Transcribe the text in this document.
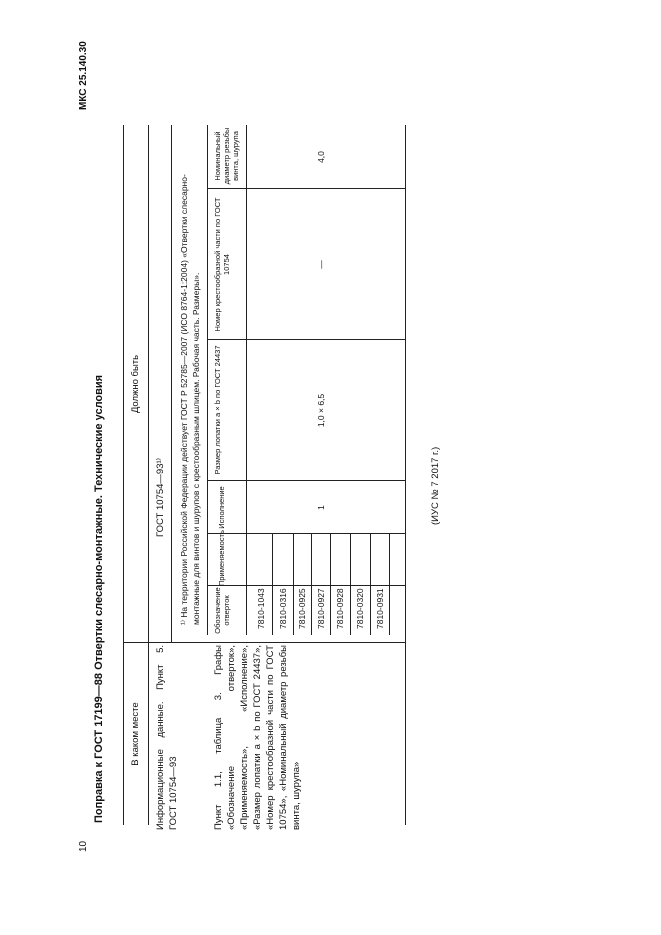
10
МКС 25.140.30
Поправка к ГОСТ 17199—88 Отвертки слесарно-монтажные. Технические условия	В каком месте
Должно быть
Информационные данные. Пункт 5. ГОСТ 10754—93
ГОСТ 10754—93¹⁾ ¹⁾ На территории Российской Федерации действует ГОСТ Р 52785—2007 (ИСО 8764-1:2004) «Отвертки слесарно-монтажные для винтов и шурупов с крестообразным шлицем. Рабочая часть. Размеры».
Пункт 1.1, таблица 3. Графы «Обозначение отверток», «Применяемость», «Исполнение», «Размер лопатки a × b по ГОСТ 24437», «Номер крестообразной части по ГОСТ 10754», «Номинальный диаметр резьбы винта, шурупа»
Обозначение отверток
Применяемость
Исполнение
Размер лопатки a × b по ГОСТ 24437
Номер крестообразной части по ГОСТ 10754
Номинальный диаметр резьбы винта, шурупа
7810-1043 7810-0316 7810-0925 7810-0927 7810-0928 7810-0320 7810-0931
1
1,0 × 6,5
—
4,0
(ИУС № 7 2017 г.)
